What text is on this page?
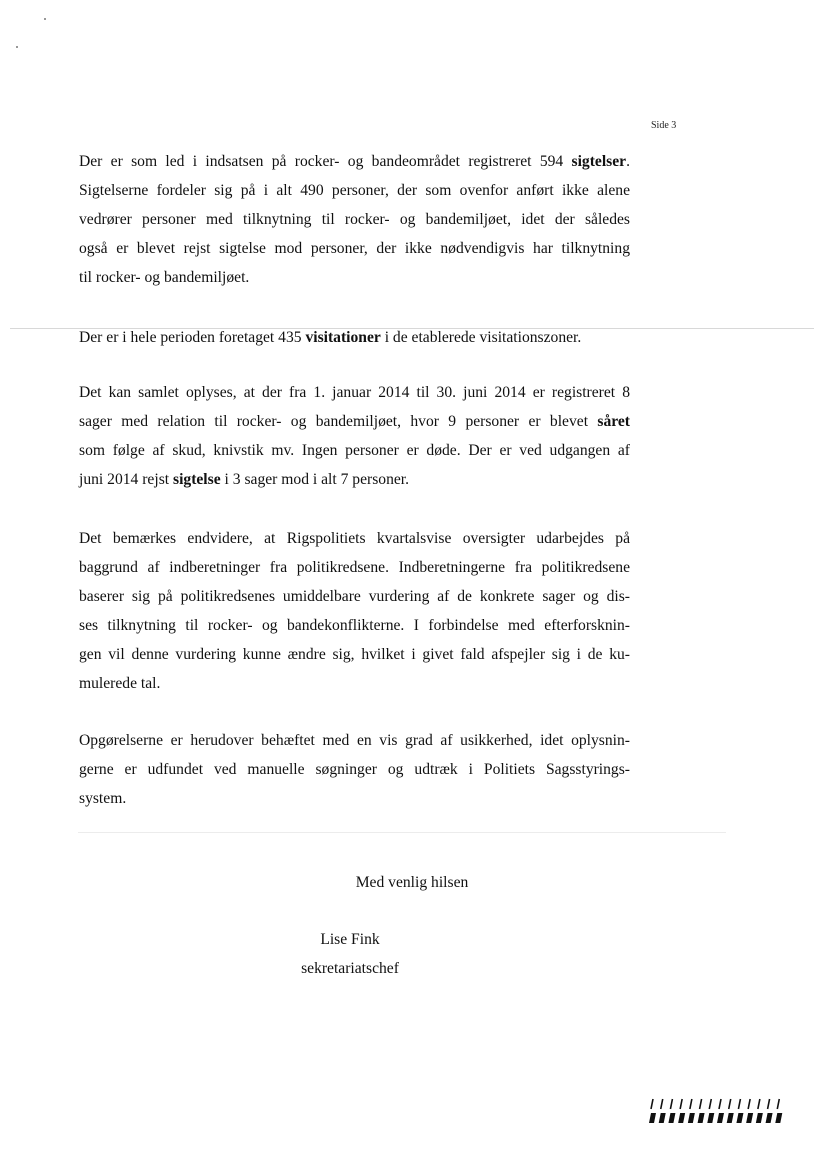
Side 3
Der er som led i indsatsen på rocker- og bandeområdet registreret 594 sigtelser.
Sigtelserne fordeler sig på i alt 490 personer, der som ovenfor anført ikke alene
vedrører personer med tilknytning til rocker- og bandemiljøet, idet der således
også er blevet rejst sigtelse mod personer, der ikke nødvendigvis har tilknytning
til rocker- og bandemiljøet.
Der er i hele perioden foretaget 435 visitationer i de etablerede visitationszoner.
Det kan samlet oplyses, at der fra 1. januar 2014 til 30. juni 2014 er registreret 8
sager med relation til rocker- og bandemiljøet, hvor 9 personer er blevet såret
som følge af skud, knivstik mv. Ingen personer er døde. Der er ved udgangen af
juni 2014 rejst sigtelse i 3 sager mod i alt 7 personer.
Det bemærkes endvidere, at Rigspolitiets kvartalsvise oversigter udarbejdes på
baggrund af indberetninger fra politikredsene. Indberetningerne fra politikredsene
baserer sig på politikredsenes umiddelbare vurdering af de konkrete sager og dis-
ses tilknytning til rocker- og bandekonflikterne. I forbindelse med efterforsknin-
gen vil denne vurdering kunne ændre sig, hvilket i givet fald afspejler sig i de ku-
mulerede tal.
Opgørelserne er herudover behæftet med en vis grad af usikkerhed, idet oplysnin-
gerne er udfundet ved manuelle søgninger og udtræk i Politiets Sagsstyrings-
system.

Med venlig hilsen

Lise Fink

sekretariatschef
